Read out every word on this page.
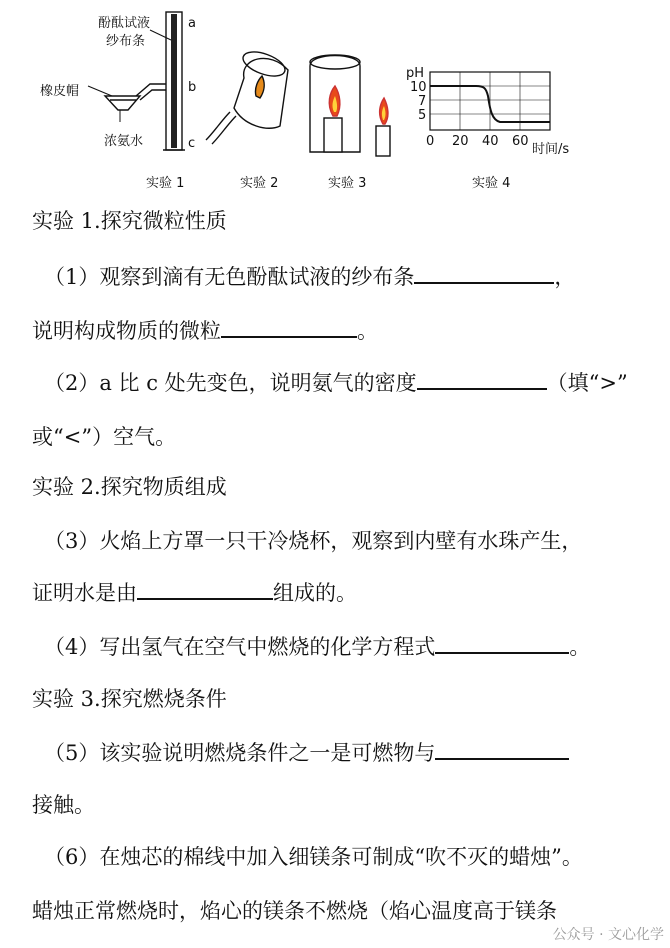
酚酞试液
纱布条
橡皮帽
浓氨水
a
b
c
pH
10
7
5
0 20 40 60
时间/s
实验 1	实验 2	实验 3	实验 4
实验 1.探究微粒性质
（1）观察到滴有无色酚酞试液的纱布条	，
说明构成物质的微粒	。
（2）a 比 c 处先变色，说明氨气的密度	（填“>”
或“<”）空气。
实验 2.探究物质组成
（3）火焰上方罩一只干冷烧杯，观察到内壁有水珠产生，
证明水是由	组成的。
（4）写出氢气在空气中燃烧的化学方程式	。
实验 3.探究燃烧条件
（5）该实验说明燃烧条件之一是可燃物与
接触。
（6）在烛芯的棉线中加入细镁条可制成“吹不灭的蜡烛”。
蜡烛正常燃烧时，焰心的镁条不燃烧（焰心温度高于镁条
公众号 · 文心化学
